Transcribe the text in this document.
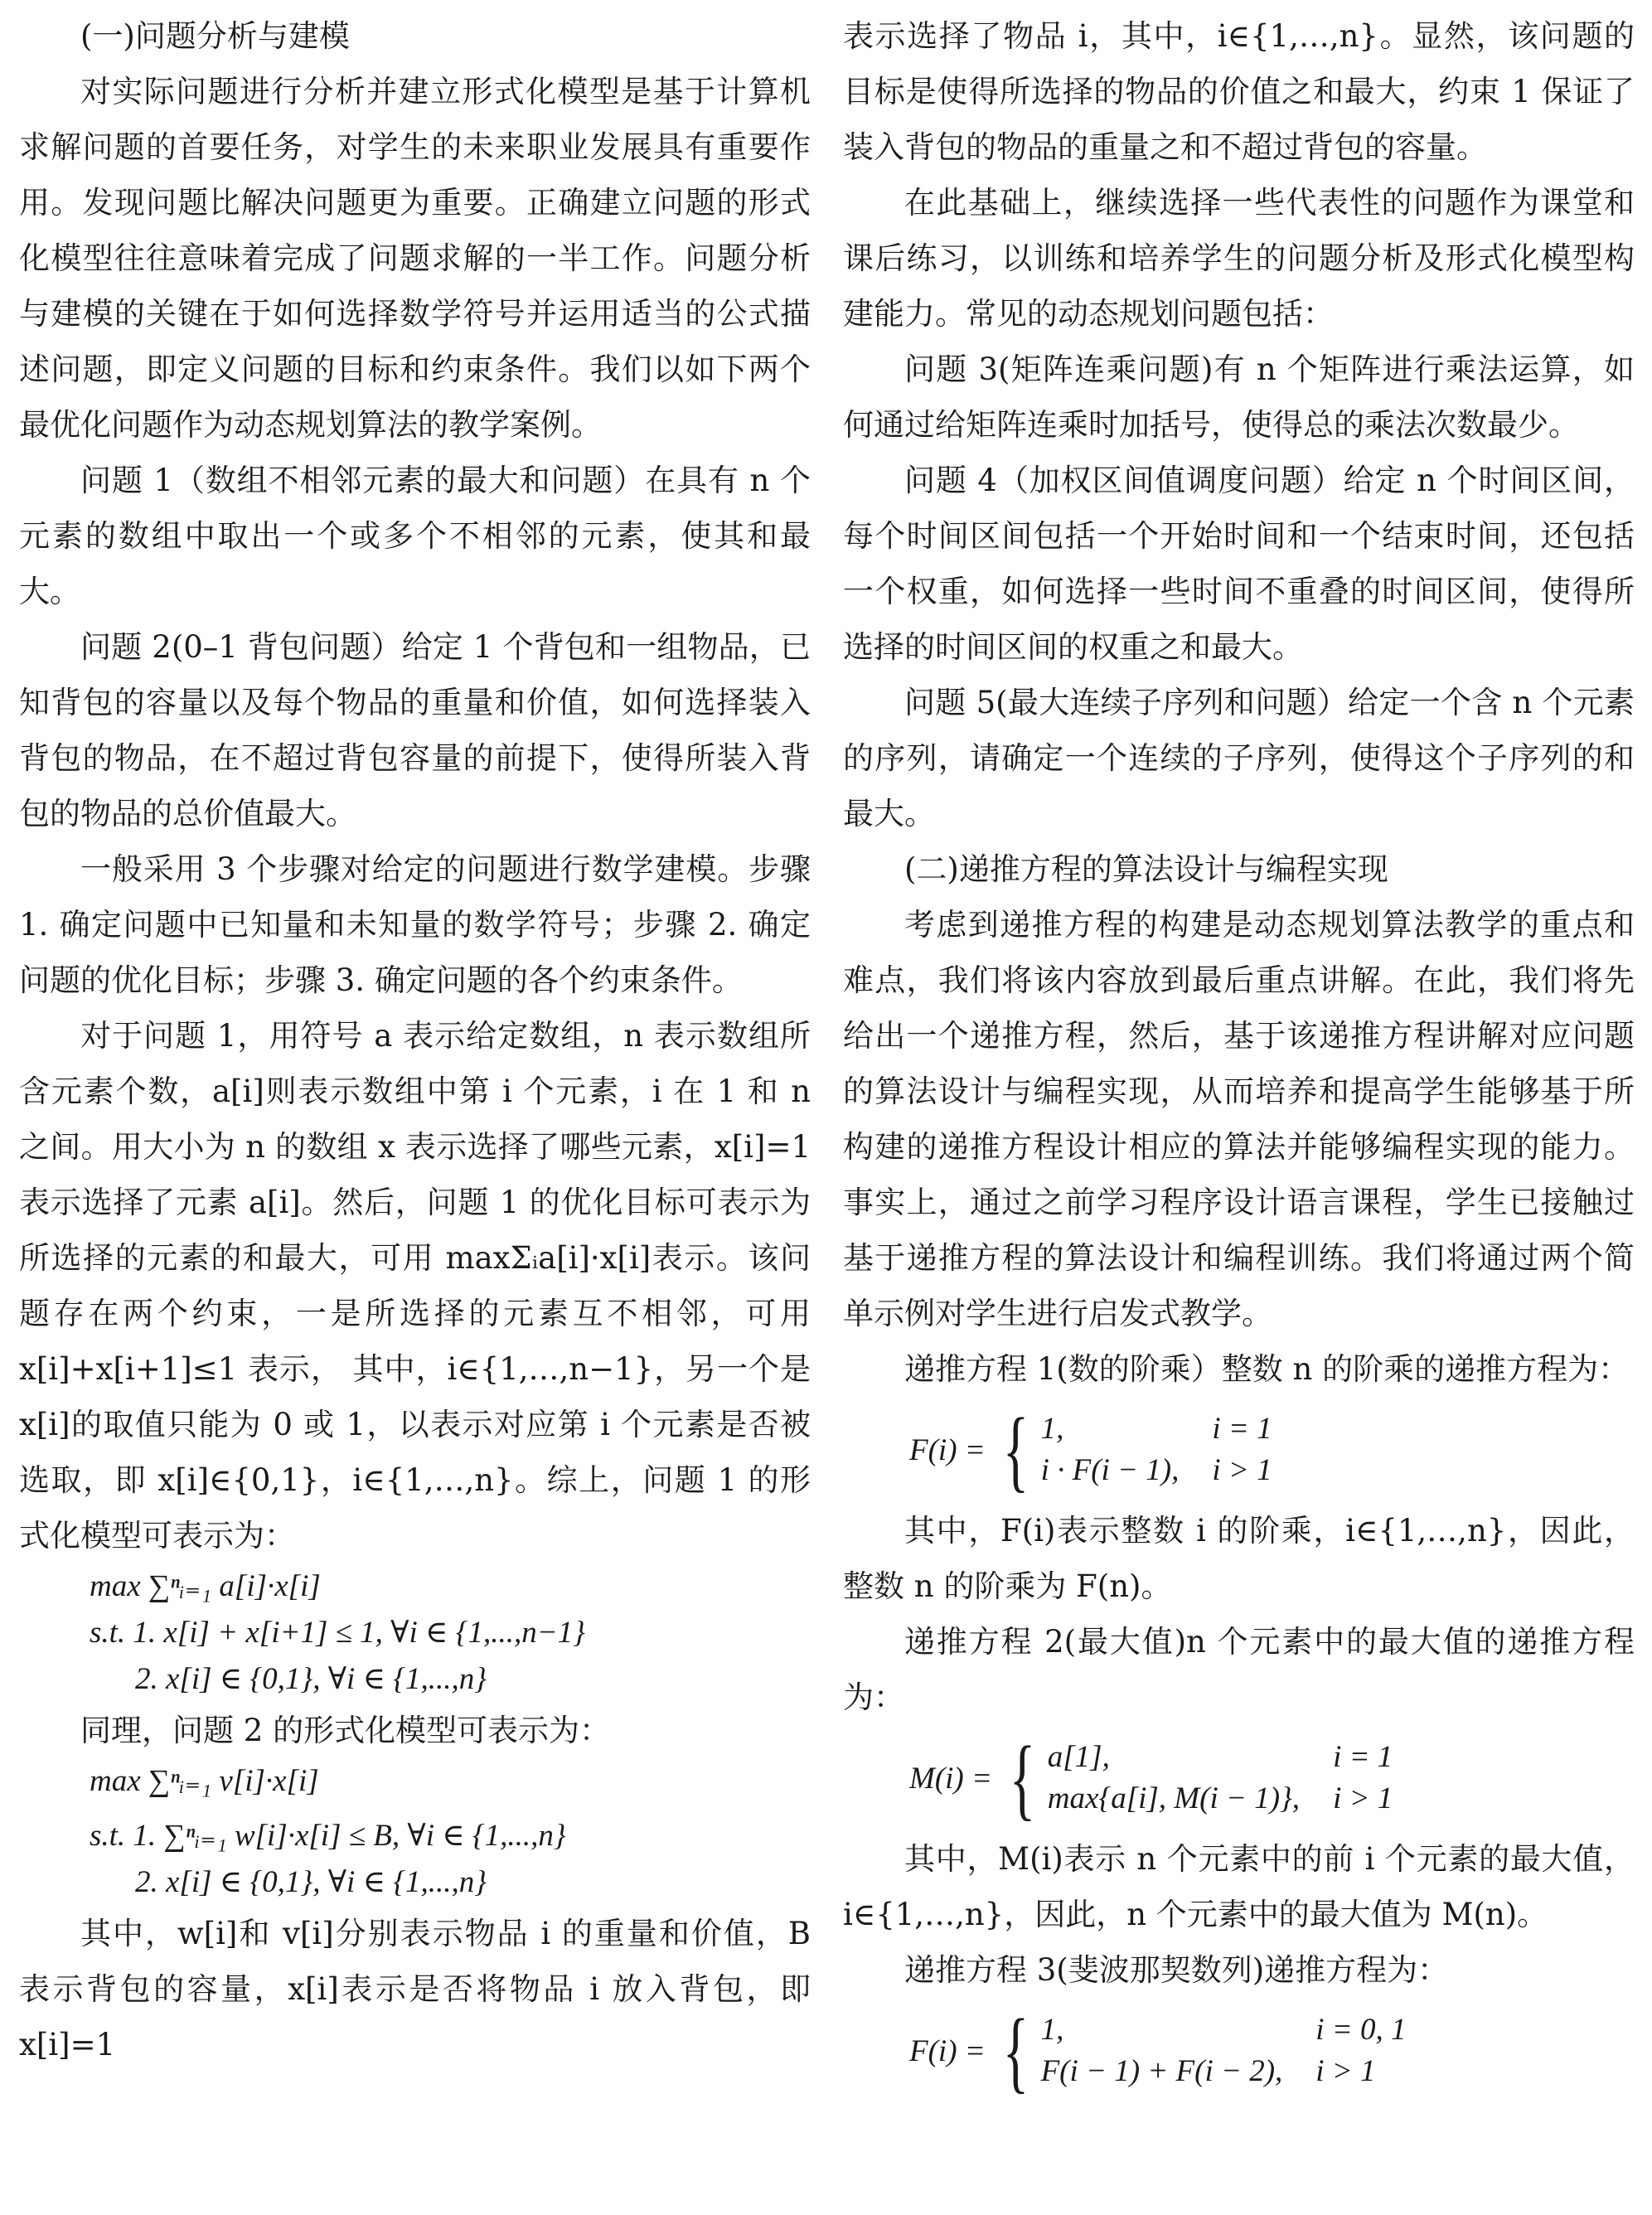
(一)问题分析与建模

对实际问题进行分析并建立形式化模型是基于计算机求解问题的首要任务，对学生的未来职业发展具有重要作用。发现问题比解决问题更为重要。正确建立问题的形式化模型往往意味着完成了问题求解的一半工作。问题分析与建模的关键在于如何选择数学符号并运用适当的公式描述问题，即定义问题的目标和约束条件。我们以如下两个最优化问题作为动态规划算法的教学案例。

问题 1（数组不相邻元素的最大和问题）在具有 n 个元素的数组中取出一个或多个不相邻的元素，使其和最大。

问题 2(0–1 背包问题）给定 1 个背包和一组物品，已知背包的容量以及每个物品的重量和价值，如何选择装入背包的物品，在不超过背包容量的前提下，使得所装入背包的物品的总价值最大。

一般采用 3 个步骤对给定的问题进行数学建模。步骤 1. 确定问题中已知量和未知量的数学符号；步骤 2. 确定问题的优化目标；步骤 3. 确定问题的各个约束条件。

对于问题 1，用符号 a 表示给定数组，n 表示数组所含元素个数，a[i]则表示数组中第 i 个元素，i 在 1 和 n 之间。用大小为 n 的数组 x 表示选择了哪些元素，x[i]=1 表示选择了元素 a[i]。然后，问题 1 的优化目标可表示为所选择的元素的和最大，可用 maxΣᵢa[i]·x[i]表示。该问题存在两个约束，一是所选择的元素互不相邻，可用 x[i]+x[i+1]≤1 表示， 其中，i∈{1,…,n−1}，另一个是 x[i]的取值只能为 0 或 1，以表示对应第 i 个元素是否被选取，即 x[i]∈{0,1}，i∈{1,…,n}。综上，问题 1 的形式化模型可表示为：

max ∑ⁿᵢ₌₁ a[i]·x[i]
s.t. 1. x[i] + x[i+1] ≤ 1, ∀i ∈ {1,...,n−1}
2. x[i] ∈ {0,1}, ∀i ∈ {1,...,n}

同理，问题 2 的形式化模型可表示为：

max ∑ⁿᵢ₌₁ v[i]·x[i]
s.t. 1. ∑ⁿᵢ₌₁ w[i]·x[i] ≤ B, ∀i ∈ {1,...,n}
2. x[i] ∈ {0,1}, ∀i ∈ {1,...,n}

其中，w[i]和 v[i]分别表示物品 i 的重量和价值，B 表示背包的容量，x[i]表示是否将物品 i 放入背包，即 x[i]=1

表示选择了物品 i，其中，i∈{1,…,n}。显然，该问题的目标是使得所选择的物品的价值之和最大，约束 1 保证了装入背包的物品的重量之和不超过背包的容量。

在此基础上，继续选择一些代表性的问题作为课堂和课后练习，以训练和培养学生的问题分析及形式化模型构建能力。常见的动态规划问题包括：

问题 3(矩阵连乘问题)有 n 个矩阵进行乘法运算，如何通过给矩阵连乘时加括号，使得总的乘法次数最少。

问题 4（加权区间值调度问题）给定 n 个时间区间，每个时间区间包括一个开始时间和一个结束时间，还包括一个权重，如何选择一些时间不重叠的时间区间，使得所选择的时间区间的权重之和最大。

问题 5(最大连续子序列和问题）给定一个含 n 个元素的序列，请确定一个连续的子序列，使得这个子序列的和最大。

(二)递推方程的算法设计与编程实现

考虑到递推方程的构建是动态规划算法教学的重点和难点，我们将该内容放到最后重点讲解。在此，我们将先给出一个递推方程，然后，基于该递推方程讲解对应问题的算法设计与编程实现，从而培养和提高学生能够基于所构建的递推方程设计相应的算法并能够编程实现的能力。事实上，通过之前学习程序设计语言课程，学生已接触过基于递推方程的算法设计和编程训练。我们将通过两个简单示例对学生进行启发式教学。

递推方程 1(数的阶乘）整数 n 的阶乘的递推方程为：

F(i) = { 1,	i = 1
i · F(i − 1), i > 1

其中，F(i)表示整数 i 的阶乘，i∈{1,…,n}，因此，整数 n 的阶乘为 F(n)。

递推方程 2(最大值)n 个元素中的最大值的递推方程为：

M(i) = { a[1],	i = 1
max{a[i], M(i − 1)}, i > 1

其中，M(i)表示 n 个元素中的前 i 个元素的最大值，i∈{1,…,n}，因此，n 个元素中的最大值为 M(n)。

递推方程 3(斐波那契数列)递推方程为：

F(i) = { 1,	i = 0, 1
F(i − 1) + F(i − 2), i > 1
